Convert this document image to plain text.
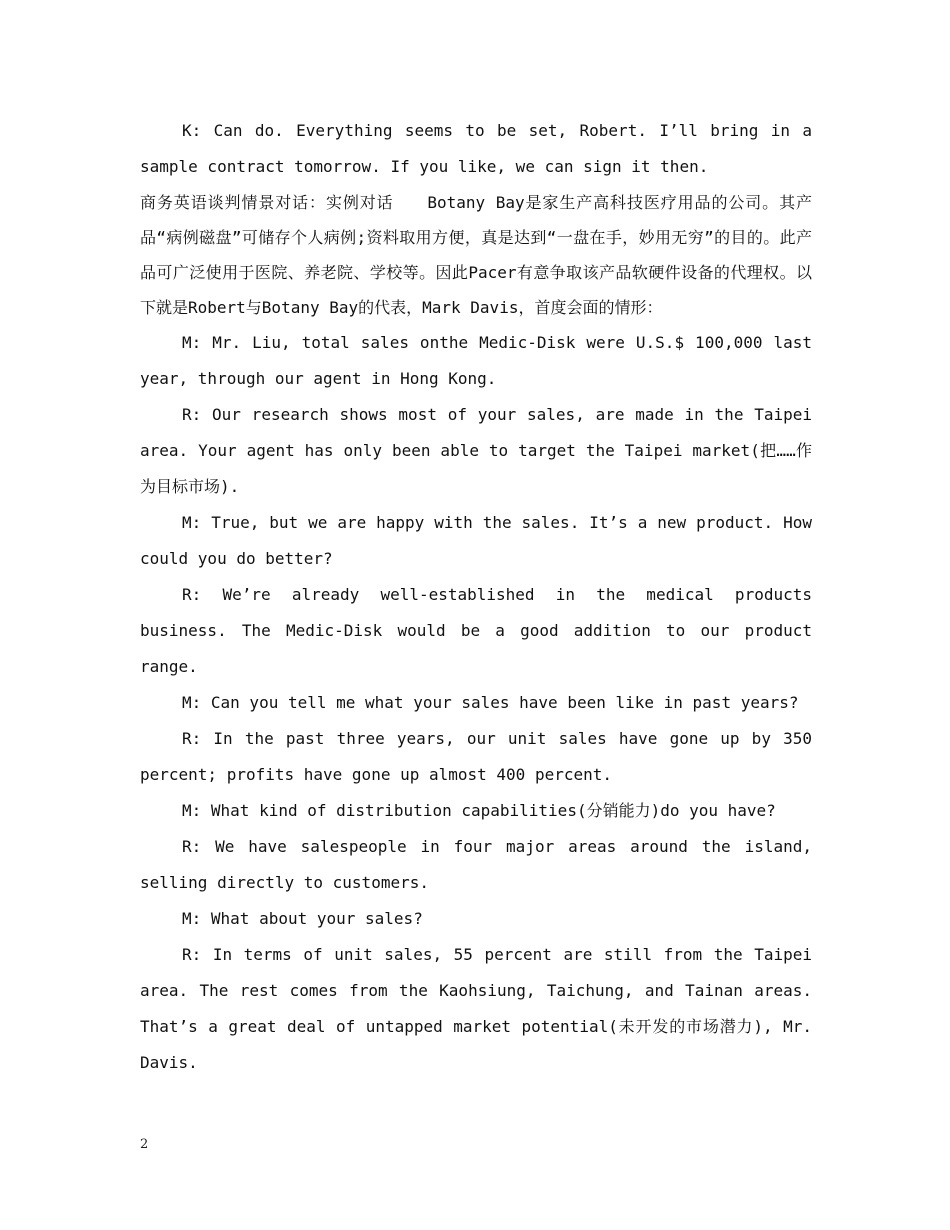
K: Can do. Everything seems to be set, Robert. I’ll bring in a sample contract tomorrow. If you like, we can sign it then.

商务英语谈判情景对话：实例对话　　Botany Bay是家生产高科技医疗用品的公司。其产品“病例磁盘”可储存个人病例;资料取用方便，真是达到“一盘在手，妙用无穷”的目的。此产品可广泛使用于医院、养老院、学校等。因此Pacer有意争取该产品软硬件设备的代理权。以下就是Robert与Botany Bay的代表，Mark Davis，首度会面的情形：

M: Mr. Liu, total sales onthe Medic-Disk were U.S.$ 100,000 last year, through our agent in Hong Kong.

R: Our research shows most of your sales, are made in the Taipei area. Your agent has only been able to target the Taipei market(把……作为目标市场).

M: True, but we are happy with the sales. It’s a new product. How could you do better?

R: We’re already well-established in the medical products business. The Medic-Disk would be a good addition to our product range.

M: Can you tell me what your sales have been like in past years?

R: In the past three years, our unit sales have gone up by 350 percent; profits have gone up almost 400 percent.

M: What kind of distribution capabilities(分销能力)do you have?

R: We have salespeople in four major areas around the island, selling directly to customers.

M: What about your sales?

R: In terms of unit sales, 55 percent are still from the Taipei area. The rest comes from the Kaohsiung, Taichung, and Tainan areas. That’s a great deal of untapped market potential(未开发的市场潜力), Mr. Davis.

2
